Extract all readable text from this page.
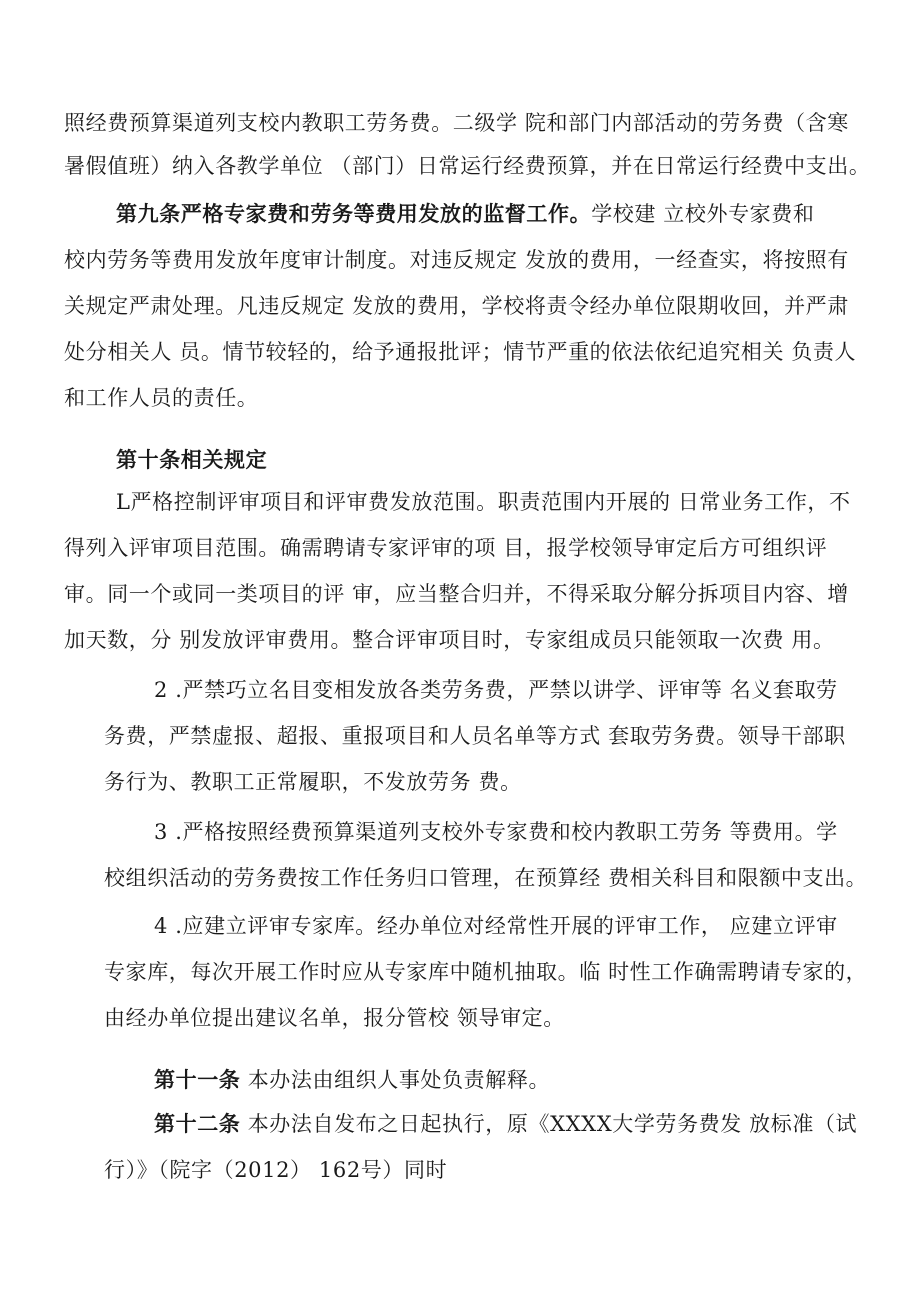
照经费预算渠道列支校内教职工劳务费。二级学 院和部门内部活动的劳务费（含寒
暑假值班）纳入各教学单位 （部门）日常运行经费预算，并在日常运行经费中支出。
第九条严格专家费和劳务等费用发放的监督工作。学校建 立校外专家费和
校内劳务等费用发放年度审计制度。对违反规定 发放的费用，一经查实，将按照有
关规定严肃处理。凡违反规定 发放的费用，学校将责令经办单位限期收回，并严肃
处分相关人 员。情节较轻的，给予通报批评；情节严重的依法依纪追究相关 负责人
和工作人员的责任。
第十条相关规定
L严格控制评审项目和评审费发放范围。职责范围内开展的 日常业务工作，不
得列入评审项目范围。确需聘请专家评审的项 目，报学校领导审定后方可组织评
审。同一个或同一类项目的评 审，应当整合归并，不得采取分解分拆项目内容、增
加天数，分 别发放评审费用。整合评审项目时，专家组成员只能领取一次费 用。
2 .严禁巧立名目变相发放各类劳务费，严禁以讲学、评审等 名义套取劳
务费，严禁虚报、超报、重报项目和人员名单等方式 套取劳务费。领导干部职
务行为、教职工正常履职，不发放劳务 费。
3 .严格按照经费预算渠道列支校外专家费和校内教职工劳务 等费用。学
校组织活动的劳务费按工作任务归口管理，在预算经 费相关科目和限额中支出。
4 .应建立评审专家库。经办单位对经常性开展的评审工作， 应建立评审
专家库，每次开展工作时应从专家库中随机抽取。临 时性工作确需聘请专家的，
由经办单位提出建议名单，报分管校 领导审定。
第十一条 本办法由组织人事处负责解释。
第十二条 本办法自发布之日起执行，原《XXXX大学劳务费发 放标准（试
行）》（院字（2012） 162号）同时
